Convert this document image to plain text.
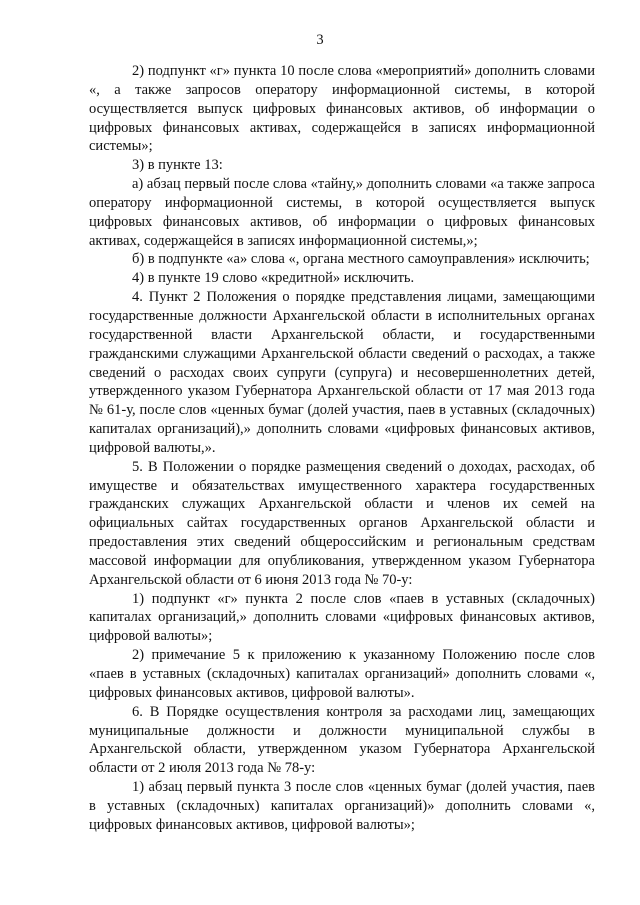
3

2) подпункт «г» пункта 10 после слова «мероприятий» дополнить словами «, а также запросов оператору информационной системы, в которой осуществляется выпуск цифровых финансовых активов, об информации о цифровых финансовых активах, содержащейся в записях информационной системы»;

3) в пункте 13:

а) абзац первый после слова «тайну,» дополнить словами «а также запроса оператору информационной системы, в которой осуществляется выпуск цифровых финансовых активов, об информации о цифровых финансовых активах, содержащейся в записях информационной системы,»;

б) в подпункте «а» слова «, органа местного самоуправления» исключить;

4) в пункте 19 слово «кредитной» исключить.

4. Пункт 2 Положения о порядке представления лицами, замещающими государственные должности Архангельской области в исполнительных органах государственной власти Архангельской области, и государственными гражданскими служащими Архангельской области сведений о расходах, а также сведений о расходах своих супруги (супруга) и несовершеннолетних детей, утвержденного указом Губернатора Архангельской области от 17 мая 2013 года № 61-у, после слов «ценных бумаг (долей участия, паев в уставных (складочных) капиталах организаций),» дополнить словами «цифровых финансовых активов, цифровой валюты,».

5. В Положении о порядке размещения сведений о доходах, расходах, об имуществе и обязательствах имущественного характера государственных гражданских служащих Архангельской области и членов их семей на официальных сайтах государственных органов Архангельской области и предоставления этих сведений общероссийским и региональным средствам массовой информации для опубликования, утвержденном указом Губернатора Архангельской области от 6 июня 2013 года № 70-у:

1) подпункт «г» пункта 2 после слов «паев в уставных (складочных) капиталах организаций,» дополнить словами «цифровых финансовых активов, цифровой валюты»;

2) примечание 5 к приложению к указанному Положению после слов «паев в уставных (складочных) капиталах организаций» дополнить словами «, цифровых финансовых активов, цифровой валюты».

6. В Порядке осуществления контроля за расходами лиц, замещающих муниципальные должности и должности муниципальной службы в Архангельской области, утвержденном указом Губернатора Архангельской области от 2 июля 2013 года № 78-у:

1) абзац первый пункта 3 после слов «ценных бумаг (долей участия, паев в уставных (складочных) капиталах организаций)» дополнить словами «, цифровых финансовых активов, цифровой валюты»;
